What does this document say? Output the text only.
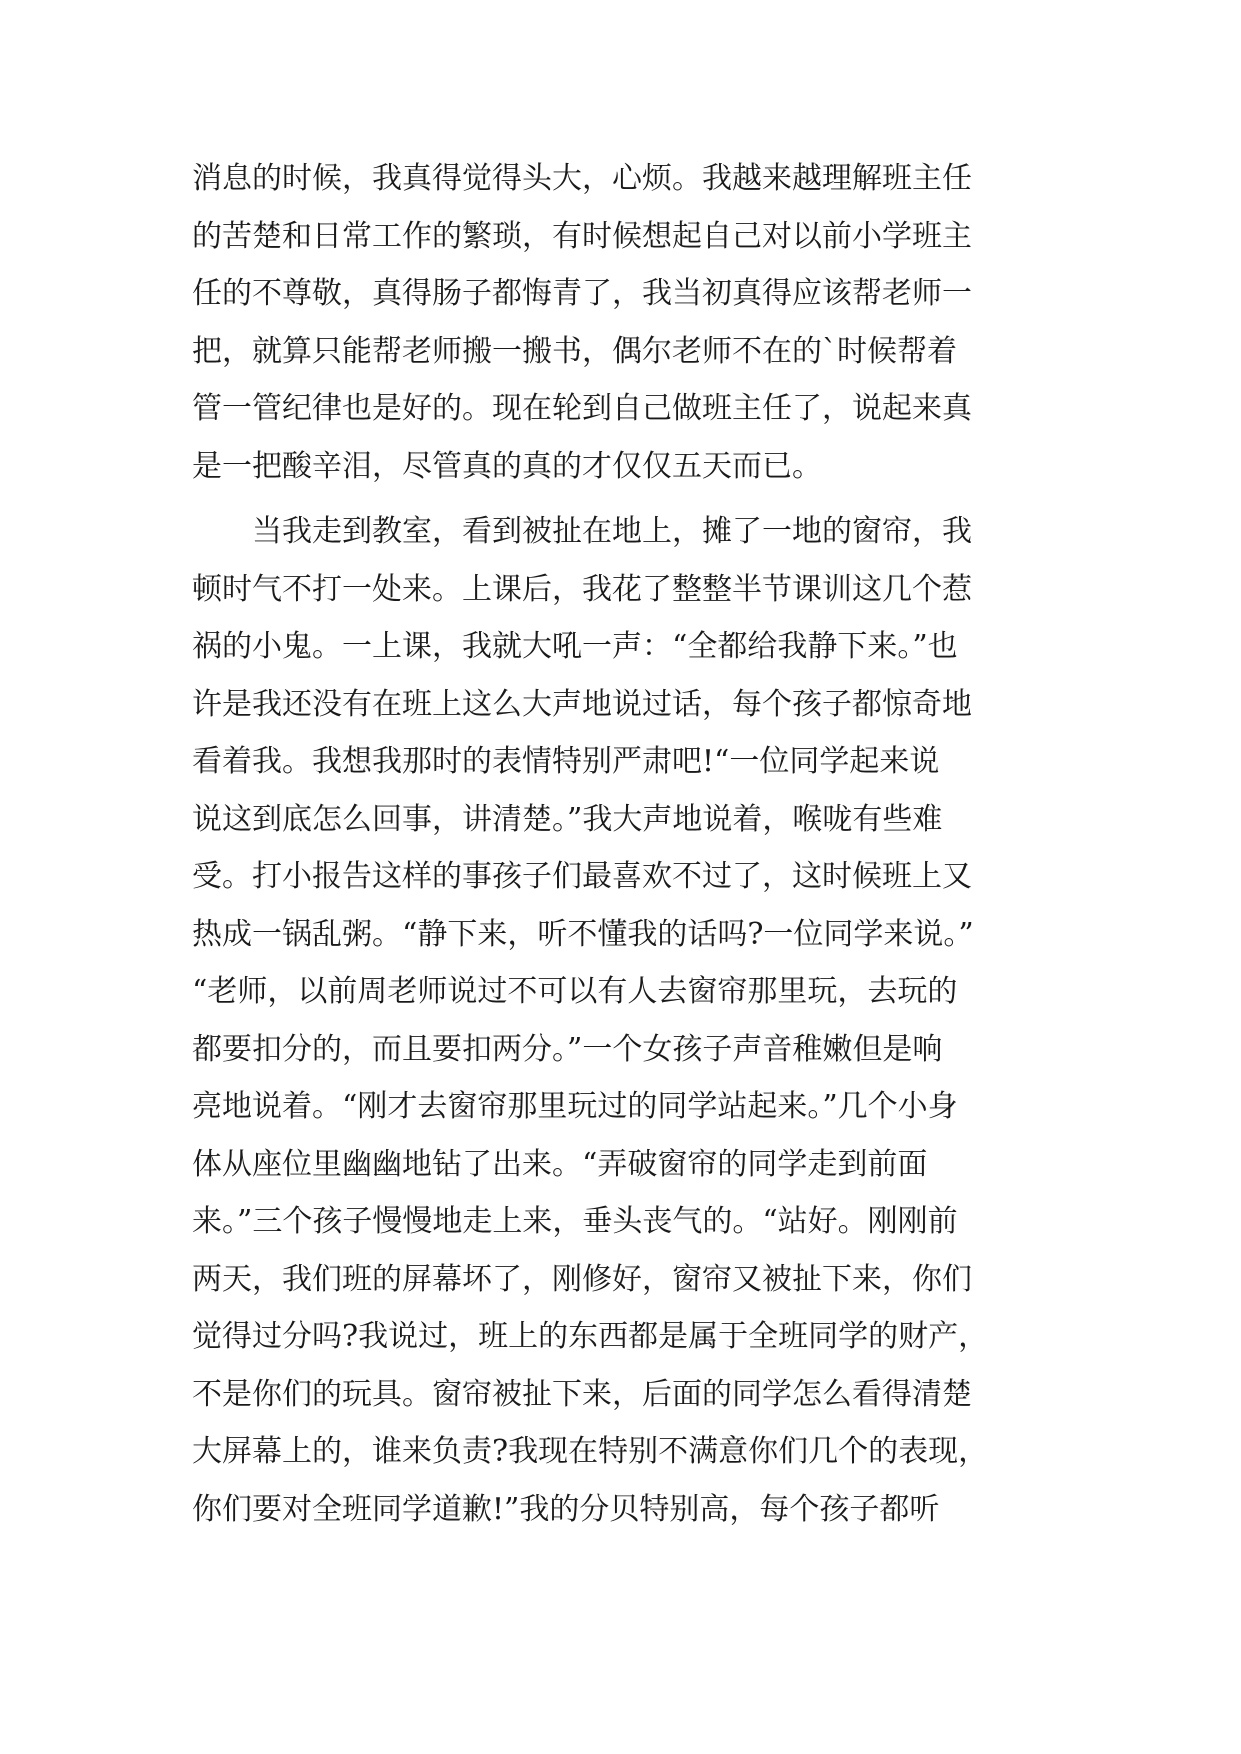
消息的时候，我真得觉得头大，心烦。我越来越理解班主任
的苦楚和日常工作的繁琐，有时候想起自己对以前小学班主
任的不尊敬，真得肠子都悔青了，我当初真得应该帮老师一
把，就算只能帮老师搬一搬书，偶尔老师不在的`时候帮着
管一管纪律也是好的。现在轮到自己做班主任了，说起来真
是一把酸辛泪，尽管真的真的才仅仅五天而已。
　　当我走到教室，看到被扯在地上，摊了一地的窗帘，我
顿时气不打一处来。上课后，我花了整整半节课训这几个惹
祸的小鬼。一上课，我就大吼一声：“全都给我静下来。”也
许是我还没有在班上这么大声地说过话，每个孩子都惊奇地
看着我。我想我那时的表情特别严肃吧!“一位同学起来说
说这到底怎么回事，讲清楚。”我大声地说着，喉咙有些难
受。打小报告这样的事孩子们最喜欢不过了，这时候班上又
热成一锅乱粥。“静下来，听不懂我的话吗?一位同学来说。”
“老师，以前周老师说过不可以有人去窗帘那里玩，去玩的
都要扣分的，而且要扣两分。”一个女孩子声音稚嫩但是响
亮地说着。“刚才去窗帘那里玩过的同学站起来。”几个小身
体从座位里幽幽地钻了出来。“弄破窗帘的同学走到前面
来。”三个孩子慢慢地走上来，垂头丧气的。“站好。刚刚前
两天，我们班的屏幕坏了，刚修好，窗帘又被扯下来，你们
觉得过分吗?我说过，班上的东西都是属于全班同学的财产，
不是你们的玩具。窗帘被扯下来，后面的同学怎么看得清楚
大屏幕上的，谁来负责?我现在特别不满意你们几个的表现，
你们要对全班同学道歉!”我的分贝特别高，每个孩子都听
